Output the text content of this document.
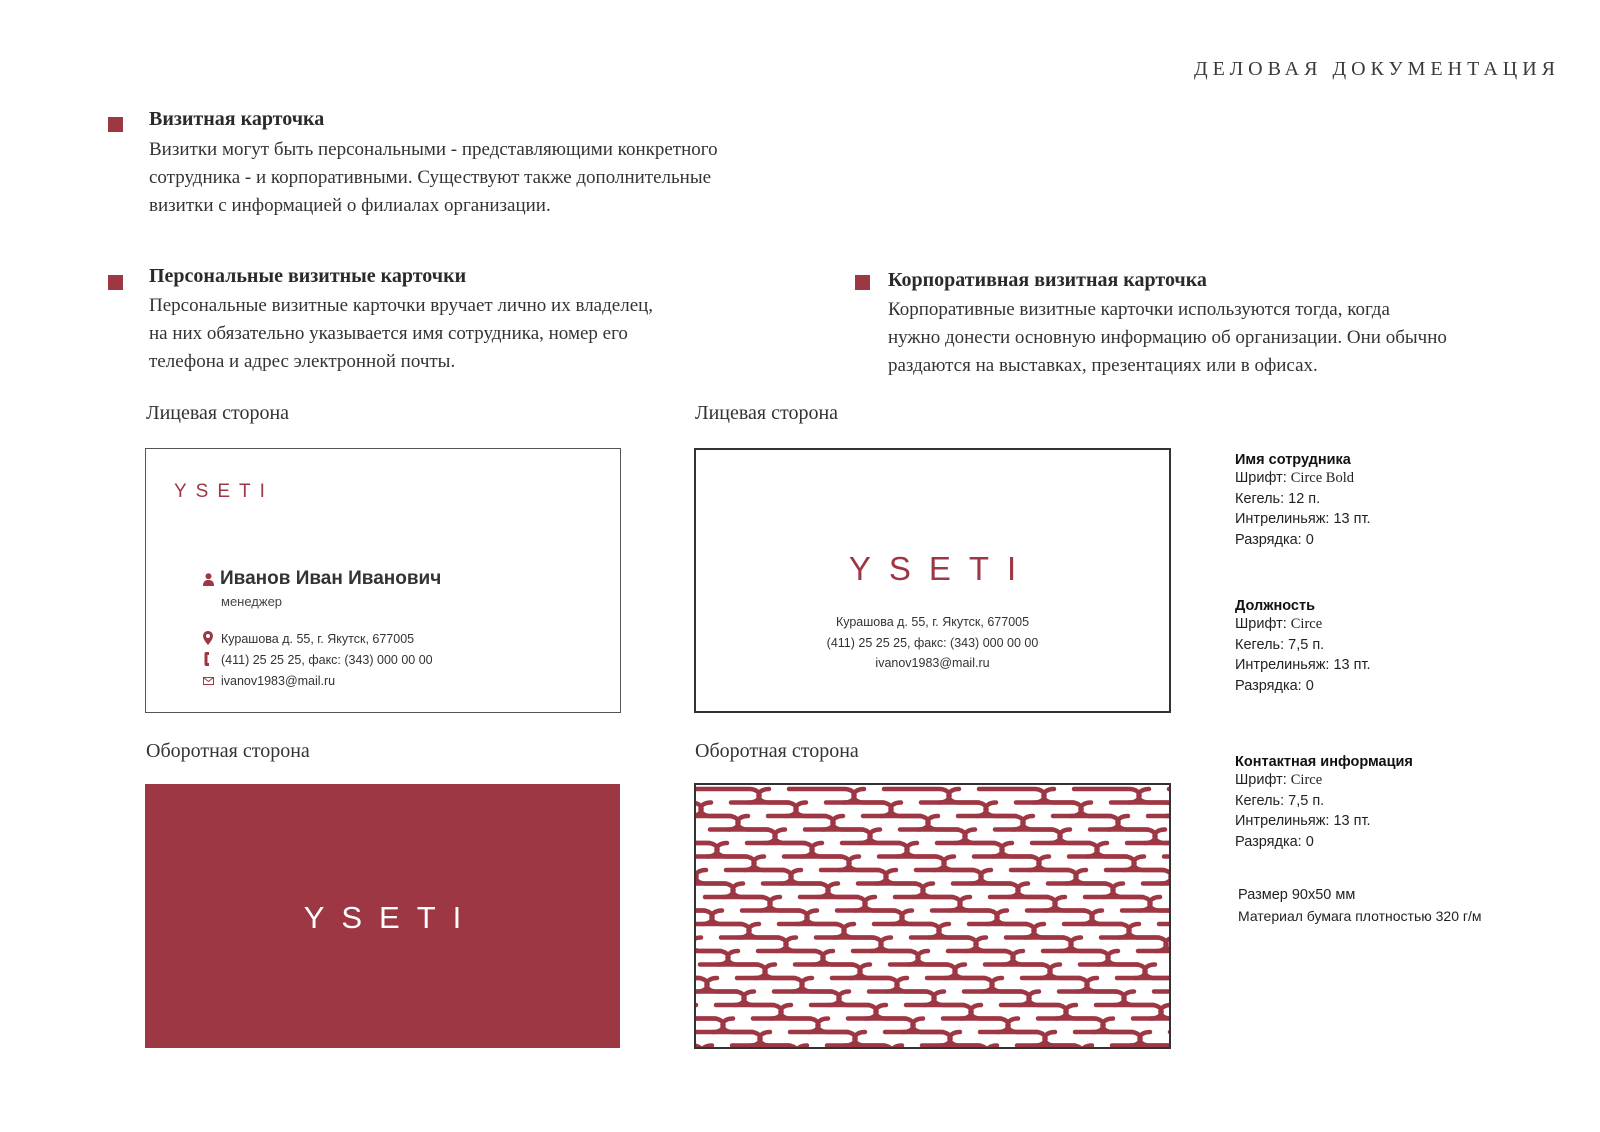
ДЕЛОВАЯ ДОКУМЕНТАЦИЯ
Визитная карточка
Визитки могут быть персональными - представляющими конкретного
сотрудника - и корпоративными. Существуют также дополнительные
визитки с информацией о филиалах организации.
Персональные визитные карточки
Персональные визитные карточки вручает лично их владелец,
на них обязательно указывается имя сотрудника, номер его
телефона и адрес электронной почты.
Корпоративная визитная карточка
Корпоративные визитные карточки используются тогда, когда
нужно донести основную информацию об организации. Они обычно
раздаются на выставках, презентациях или в офисах.
Лицевая сторона	Лицевая сторона
Оборотная сторона	Оборотная сторона
YSETI
Иванов Иван Иванович
менеджер
Курашова д. 55, г. Якутск, 677005
(411) 25 25 25, факс: (343) 000 00 00
ivanov1983@mail.ru
YSETI
YSETI
Курашова д. 55, г. Якутск, 677005
(411) 25 25 25, факс: (343) 000 00 00
ivanov1983@mail.ru
Имя сотрудника
Шрифт: Circe Bold
Кегель: 12 п.
Интрелиньяж: 13 пт.
Разрядка: 0
Должность
Шрифт: Circe
Кегель: 7,5 п.
Интрелиньяж: 13 пт.
Разрядка: 0
Контактная информация
Шрифт: Circe
Кегель: 7,5 п.
Интрелиньяж: 13 пт.
Разрядка: 0
Размер 90x50 мм
Материал бумага плотностью 320 г/м
